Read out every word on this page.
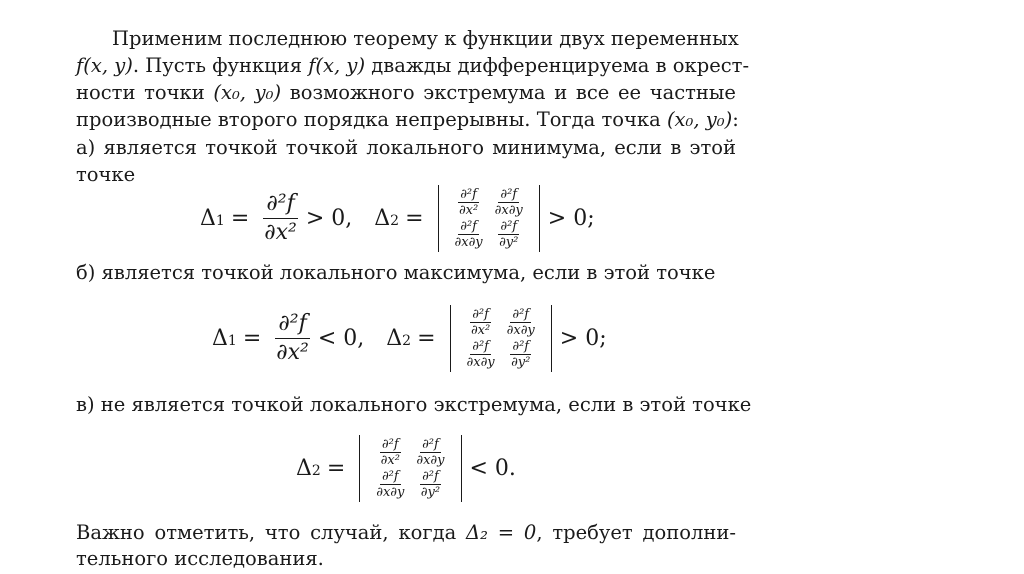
Применим последнюю теорему к функции двух переменных
f(x, y). Пусть функция f(x, y) дважды дифференцируема в окрест-
ности точки (x₀, y₀) возможного экстремума и все ее частные
производные второго порядка непрерывны. Тогда точка (x₀, y₀):
а) является точкой точкой локального минимума, если в этой
точке
Δ $1 = \frac{\text{∂²f}}{\text{∂x²}} > 0$, Δ 2 =
$\frac{\text{∂²f}}{\text{∂x²}} \frac{\text{∂²f}}{\partial x\partial y}$
$\frac{\text{∂²f}}{\partial x\partial y} \frac{\text{∂²f}}{\text{∂y²}}$
> 0;
б) является точкой локального максимума, если в этой точке
Δ $1 = \frac{\text{∂²f}}{\text{∂x²}} < 0$, Δ 2 =
$\frac{\text{∂²f}}{\text{∂x²}} \frac{\text{∂²f}}{\partial x\partial y}$
$\frac{\text{∂²f}}{\partial x\partial y} \frac{\text{∂²f}}{\text{∂y²}}$
> 0;
в) не является точкой локального экстремума, если в этой точке
Δ 2 =
$\frac{\text{∂²f}}{\text{∂x²}} \frac{\text{∂²f}}{\partial x\partial y}$
$\frac{\text{∂²f}}{\partial x\partial y} \frac{\text{∂²f}}{\text{∂y²}}$
< 0.
Важно отметить, что случай, когда Δ₂ = 0, требует дополни-
тельного исследования.
